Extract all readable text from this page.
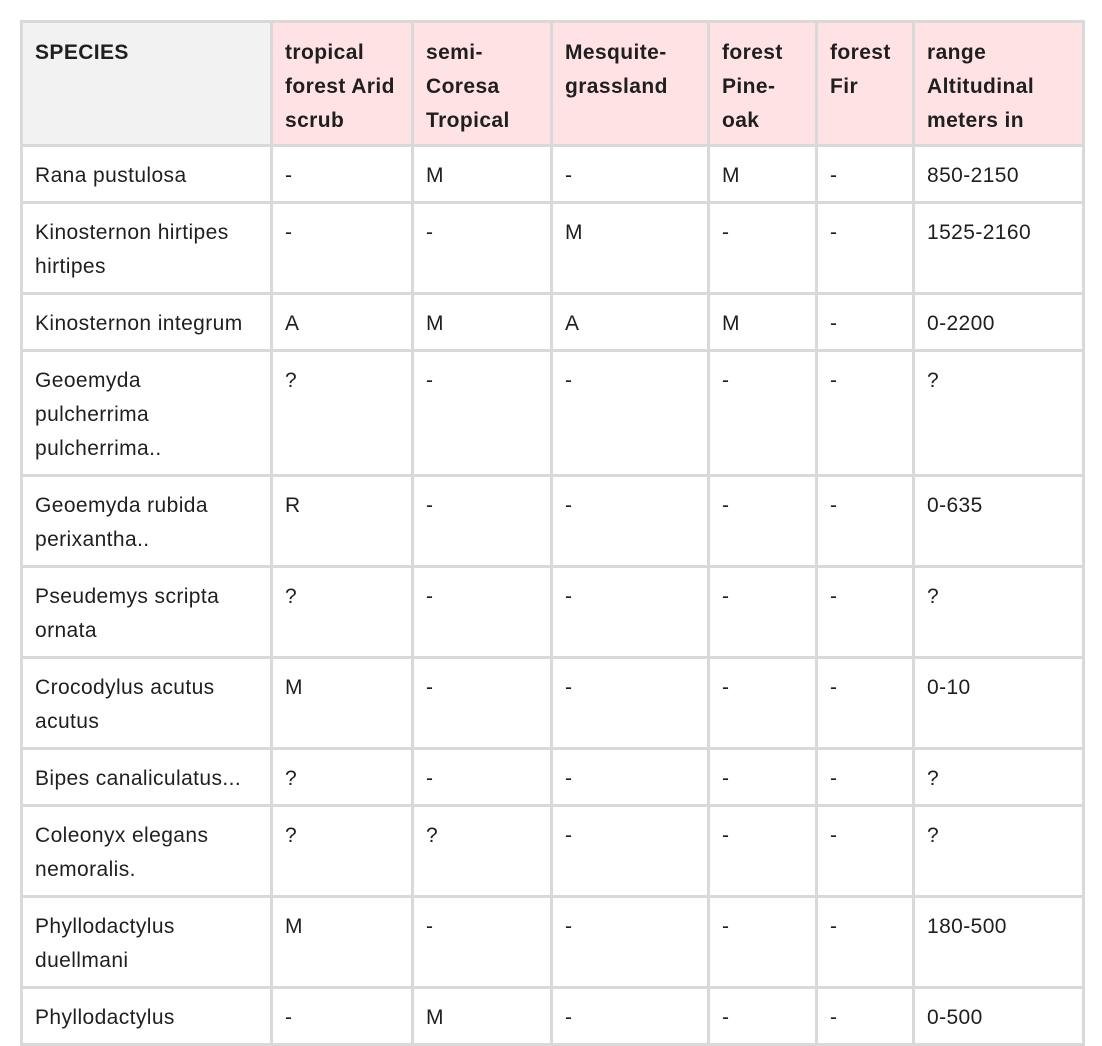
SPECIES	tropical forest Arid scrub	semi- Coresa Tropical	Mesquite- grassland	forest Pine- oak	forest Fir	range Altitudinal meters in
Rana pustulosa	-	M	-	M	-	850-2150
Kinosternon hirtipes hirtipes	-	-	M	-	-	1525-2160
Kinosternon integrum	A	M	A	M	-	0-2200
Geoemyda pulcherrima pulcherrima..	?	-	-	-	-	?
Geoemyda rubida perixantha..	R	-	-	-	-	0-635
Pseudemys scripta ornata	?	-	-	-	-	?
Crocodylus acutus acutus	M	-	-	-	-	0-10
Bipes canaliculatus...	?	-	-	-	-	?
Coleonyx elegans nemoralis.	?	?	-	-	-	?
Phyllodactylus duellmani	M	-	-	-	-	180-500
Phyllodactylus	-	M	-	-	-	0-500
